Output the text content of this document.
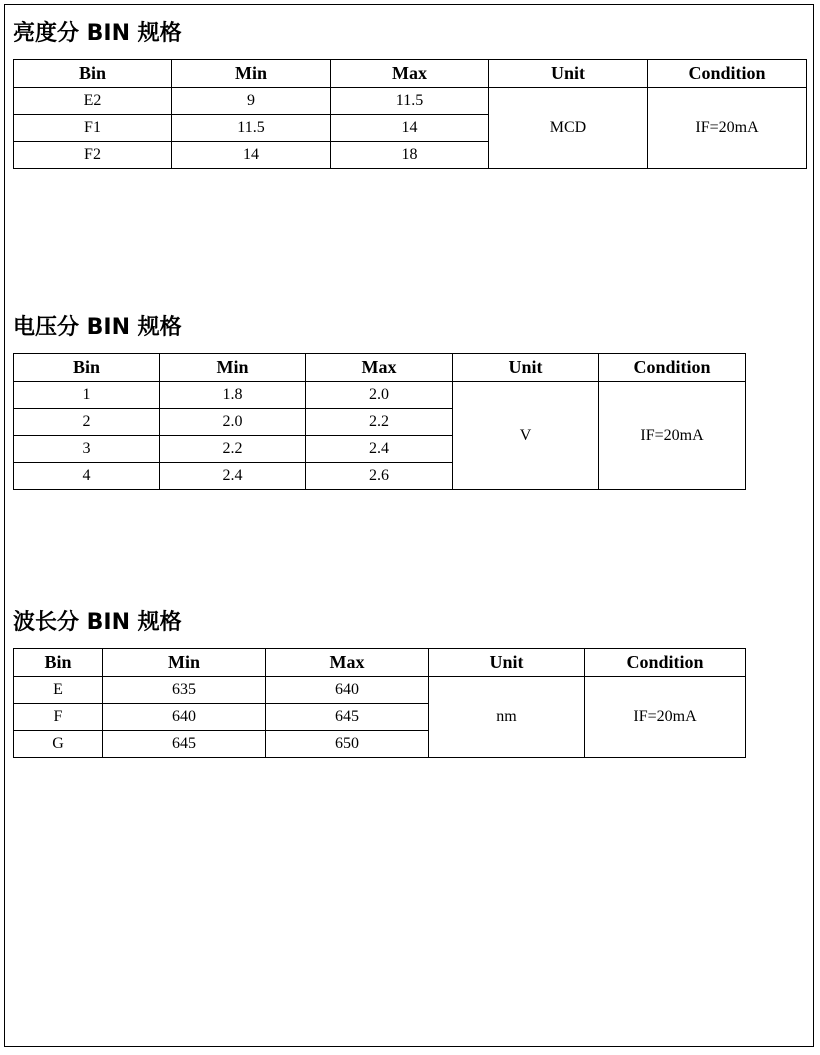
亮度分 BIN 规格
Bin	Min	Max	Unit	Condition
E2	9	11.5	MCD	IF=20mA
F1	11.5	14		
F2	14	18		
电压分 BIN 规格
Bin	Min	Max	Unit	Condition
1	1.8	2.0	V	IF=20mA
2	2.0	2.2		
3	2.2	2.4		
4	2.4	2.6		
波长分 BIN 规格
Bin	Min	Max	Unit	Condition
E	635	640	nm	IF=20mA
F	640	645		
G	645	650		
